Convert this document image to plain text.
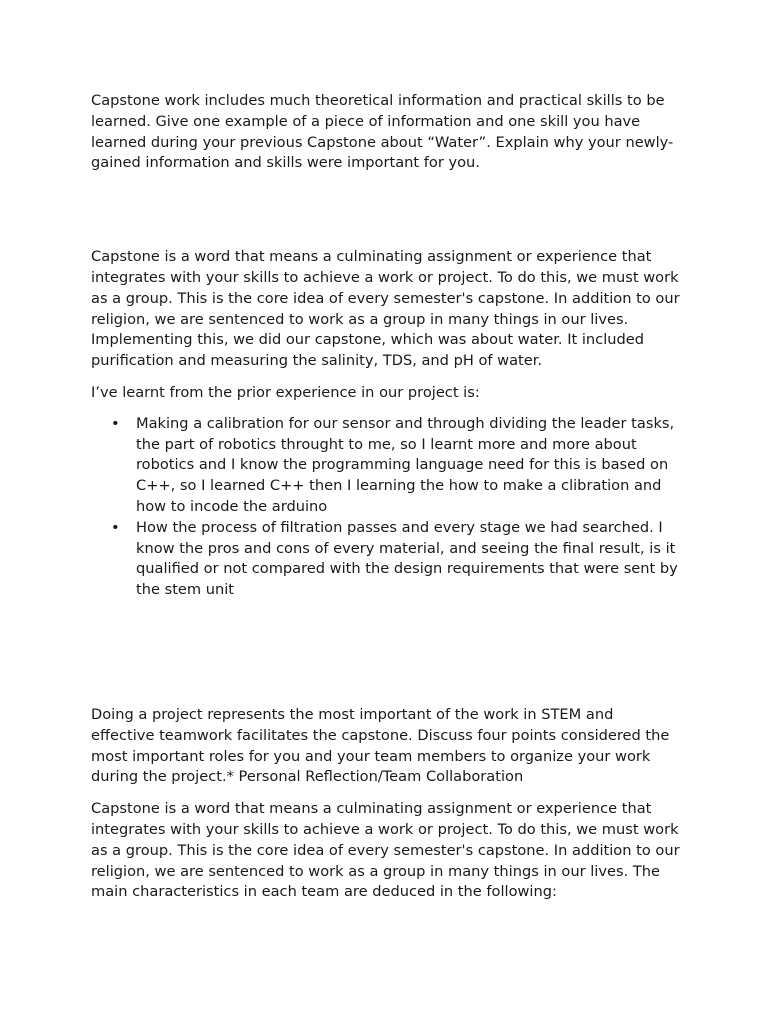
Capstone work includes much theoretical information and practical skills to be learned. Give one example of a piece of information and one skill you have learned during your previous Capstone about “Water”. Explain why your newly-gained information and skills were important for you.

Capstone is a word that means a culminating assignment or experience that integrates with your skills to achieve a work or project. To do this, we must work as a group. This is the core idea of every semester's capstone. In addition to our religion, we are sentenced to work as a group in many things in our lives. Implementing this, we did our capstone, which was about water. It included purification and measuring the salinity, TDS, and pH of water.

I’ve learnt from the prior experience in our project is:

• Making a calibration for our sensor and through dividing the leader tasks, the part of robotics throught to me, so I learnt more and more about robotics and I know the programming language need for this is based on C++, so I learned C++ then I learning the how to make a clibration and how to incode the arduino
• How the process of filtration passes and every stage we had searched. I know the pros and cons of every material, and seeing the final result, is it qualified or not compared with the design requirements that were sent by the stem unit

Doing a project represents the most important of the work in STEM and effective teamwork facilitates the capstone. Discuss four points considered the most important roles for you and your team members to organize your work during the project.* Personal Reflection/Team Collaboration

Capstone is a word that means a culminating assignment or experience that integrates with your skills to achieve a work or project. To do this, we must work as a group. This is the core idea of every semester's capstone. In addition to our religion, we are sentenced to work as a group in many things in our lives. The main characteristics in each team are deduced in the following:
